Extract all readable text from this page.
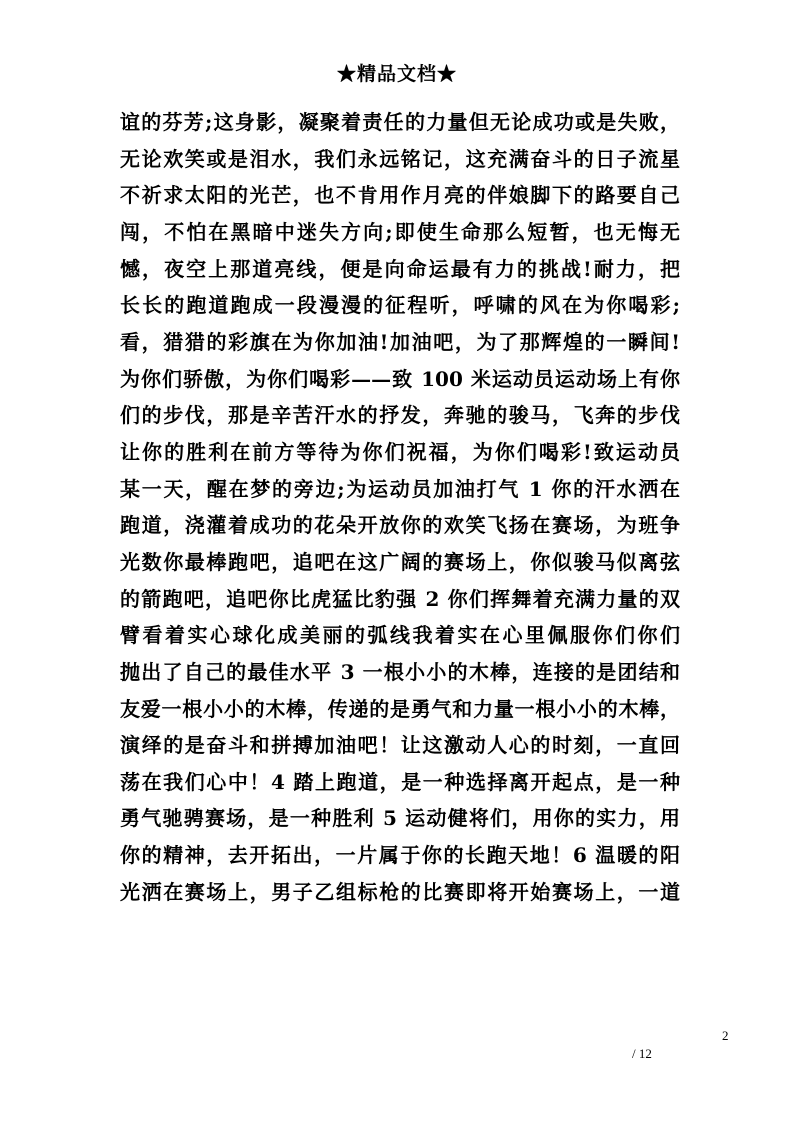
★精品文档★
谊的芬芳;这身影，凝聚着责任的力量但无论成功或是失败，
无论欢笑或是泪水，我们永远铭记，这充满奋斗的日子流星
不祈求太阳的光芒，也不肯用作月亮的伴娘脚下的路要自己
闯，不怕在黑暗中迷失方向;即使生命那么短暂，也无悔无
憾，夜空上那道亮线，便是向命运最有力的挑战!耐力，把
长长的跑道跑成一段漫漫的征程听，呼啸的风在为你喝彩;
看，猎猎的彩旗在为你加油!加油吧，为了那辉煌的一瞬间!
为你们骄傲，为你们喝彩——致 100 米运动员运动场上有你
们的步伐，那是辛苦汗水的抒发，奔驰的骏马，飞奔的步伐
让你的胜利在前方等待为你们祝福，为你们喝彩!致运动员
某一天，醒在梦的旁边;为运动员加油打气 1 你的汗水洒在
跑道，浇灌着成功的花朵开放你的欢笑飞扬在赛场，为班争
光数你最棒跑吧，追吧在这广阔的赛场上，你似骏马似离弦
的箭跑吧，追吧你比虎猛比豹强 2 你们挥舞着充满力量的双
臂看着实心球化成美丽的弧线我着实在心里佩服你们你们
抛出了自己的最佳水平 3 一根小小的木棒，连接的是团结和
友爱一根小小的木棒，传递的是勇气和力量一根小小的木棒，
演绎的是奋斗和拼搏加油吧！让这激动人心的时刻，一直回
荡在我们心中！4 踏上跑道，是一种选择离开起点，是一种
勇气驰骋赛场，是一种胜利 5 运动健将们，用你的实力，用
你的精神，去开拓出，一片属于你的长跑天地！6 温暖的阳
光洒在赛场上，男子乙组标枪的比赛即将开始赛场上，一道
2
/ 12
